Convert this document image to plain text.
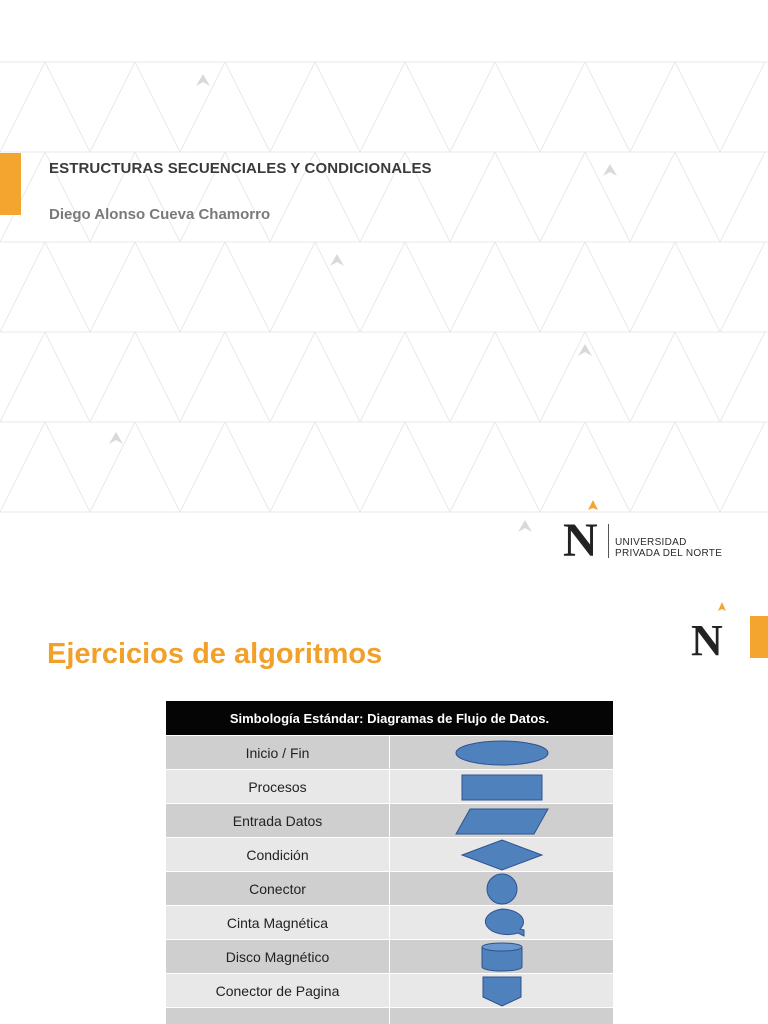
ESTRUCTURAS SECUENCIALES Y CONDICIONALES
Diego Alonso Cueva Chamorro
N UNIVERSIDAD
PRIVADA DEL NORTE
N
Ejercicios de algoritmos
Simbología Estándar: Diagramas de Flujo de Datos.	
Inicio / Fin	

Procesos	

Entrada Datos	

Condición	

Conector	

Cinta Magnética	

Disco Magnético	

Conector de Pagina	
